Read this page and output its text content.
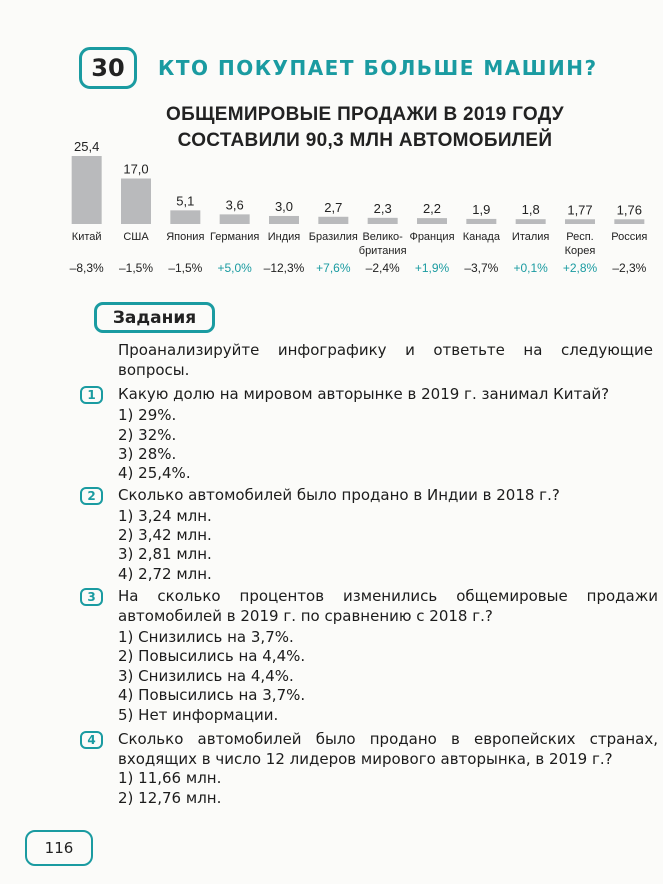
30	КТО ПОКУПАЕТ БОЛЬШЕ МАШИН?
ОБЩЕМИРОВЫЕ ПРОДАЖИ В 2019 ГОДУ
СОСТАВИЛИ 90,3 МЛН АВТОМОБИЛЕЙ
25,4
Китай
–8,3%
17,0
США
–1,5%
5,1
Япония
–1,5%
3,6
Германия
+5,0%
3,0
Индия
–12,3%
2,7
Бразилия
+7,6%
2,3
Велико-
британия
–2,4%
2,2
Франция
+1,9%
1,9
Канада
–3,7%
1,8
Италия
+0,1%
1,77
Респ.
Корея
+2,8%
1,76
Россия
–2,3%
Задания
Проанализируйте инфографику и ответьте на следующие вопросы.
1	Какую долю на мировом авторынке в 2019 г. занимал Китай?
1) 29%.
2) 32%.
3) 28%.
4) 25,4%.
2	Сколько автомобилей было продано в Индии в 2018 г.?
1) 3,24 млн.
2) 3,42 млн.
3) 2,81 млн.
4) 2,72 млн.
3	На сколько процентов изменились общемировые продажи автомобилей в 2019 г. по сравнению с 2018 г.?
1) Снизились на 3,7%.
2) Повысились на 4,4%.
3) Снизились на 4,4%.
4) Повысились на 3,7%.
5) Нет информации.
4	Сколько автомобилей было продано в европейских странах, входящих в число 12 лидеров мирового авторынка, в 2019 г.?
1) 11,66 млн.
2) 12,76 млн.
116
